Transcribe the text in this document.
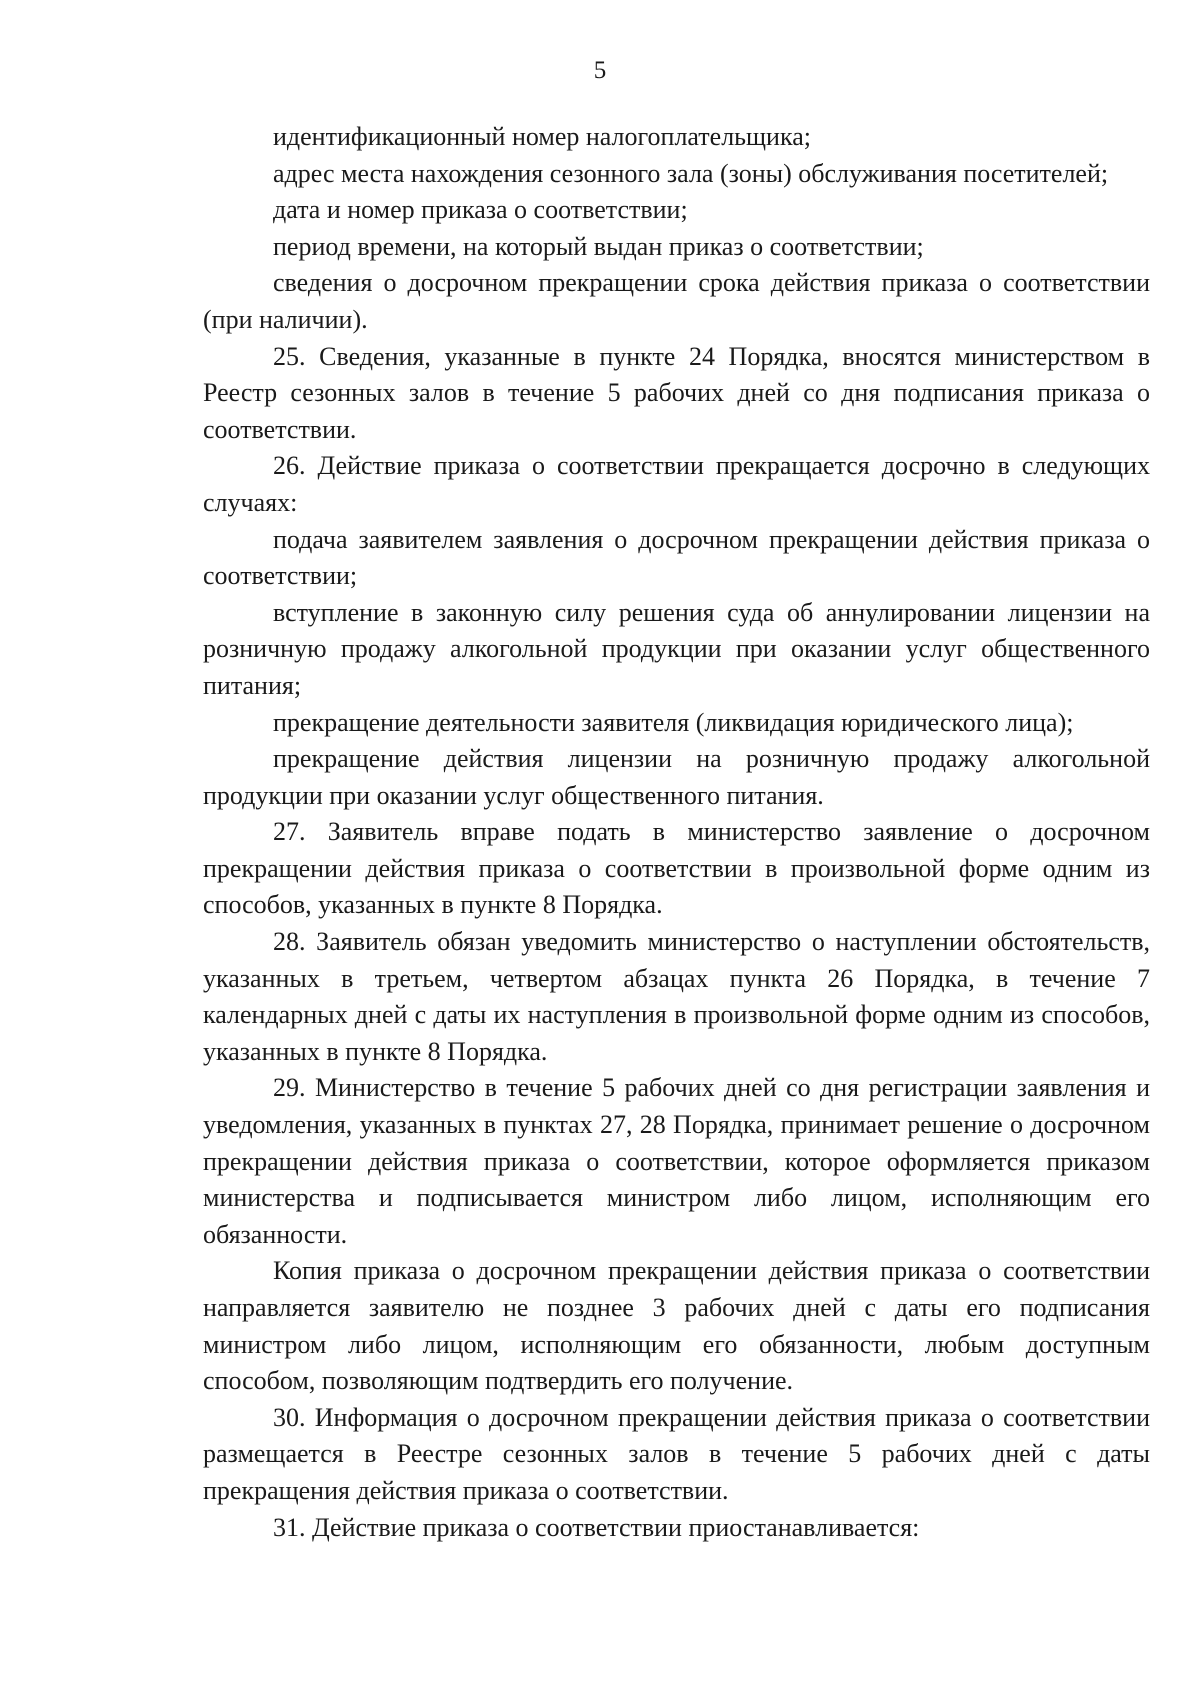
5

идентификационный номер налогоплательщика;

адрес места нахождения сезонного зала (зоны) обслуживания посетителей;

дата и номер приказа о соответствии;

период времени, на который выдан приказ о соответствии;

сведения о досрочном прекращении срока действия приказа о соответствии (при наличии).

25. Сведения, указанные в пункте 24 Порядка, вносятся министерством в Реестр сезонных залов в течение 5 рабочих дней со дня подписания приказа о соответствии.

26. Действие приказа о соответствии прекращается досрочно в следующих случаях:

подача заявителем заявления о досрочном прекращении действия приказа о соответствии;

вступление в законную силу решения суда об аннулировании лицензии на розничную продажу алкогольной продукции при оказании услуг общественного питания;

прекращение деятельности заявителя (ликвидация юридического лица);

прекращение действия лицензии на розничную продажу алкогольной продукции при оказании услуг общественного питания.

27. Заявитель вправе подать в министерство заявление о досрочном прекращении действия приказа о соответствии в произвольной форме одним из способов, указанных в пункте 8 Порядка.

28. Заявитель обязан уведомить министерство о наступлении обстоятельств, указанных в третьем, четвертом абзацах пункта 26 Порядка, в течение 7 календарных дней с даты их наступления в произвольной форме одним из способов, указанных в пункте 8 Порядка.

29. Министерство в течение 5 рабочих дней со дня регистрации заявления и уведомления, указанных в пунктах 27, 28 Порядка, принимает решение о досрочном прекращении действия приказа о соответствии, которое оформляется приказом министерства и подписывается министром либо лицом, исполняющим его обязанности.

Копия приказа о досрочном прекращении действия приказа о соответствии направляется заявителю не позднее 3 рабочих дней с даты его подписания министром либо лицом, исполняющим его обязанности, любым доступным способом, позволяющим подтвердить его получение.

30. Информация о досрочном прекращении действия приказа о соответствии размещается в Реестре сезонных залов в течение 5 рабочих дней с даты прекращения действия приказа о соответствии.

31. Действие приказа о соответствии приостанавливается:
